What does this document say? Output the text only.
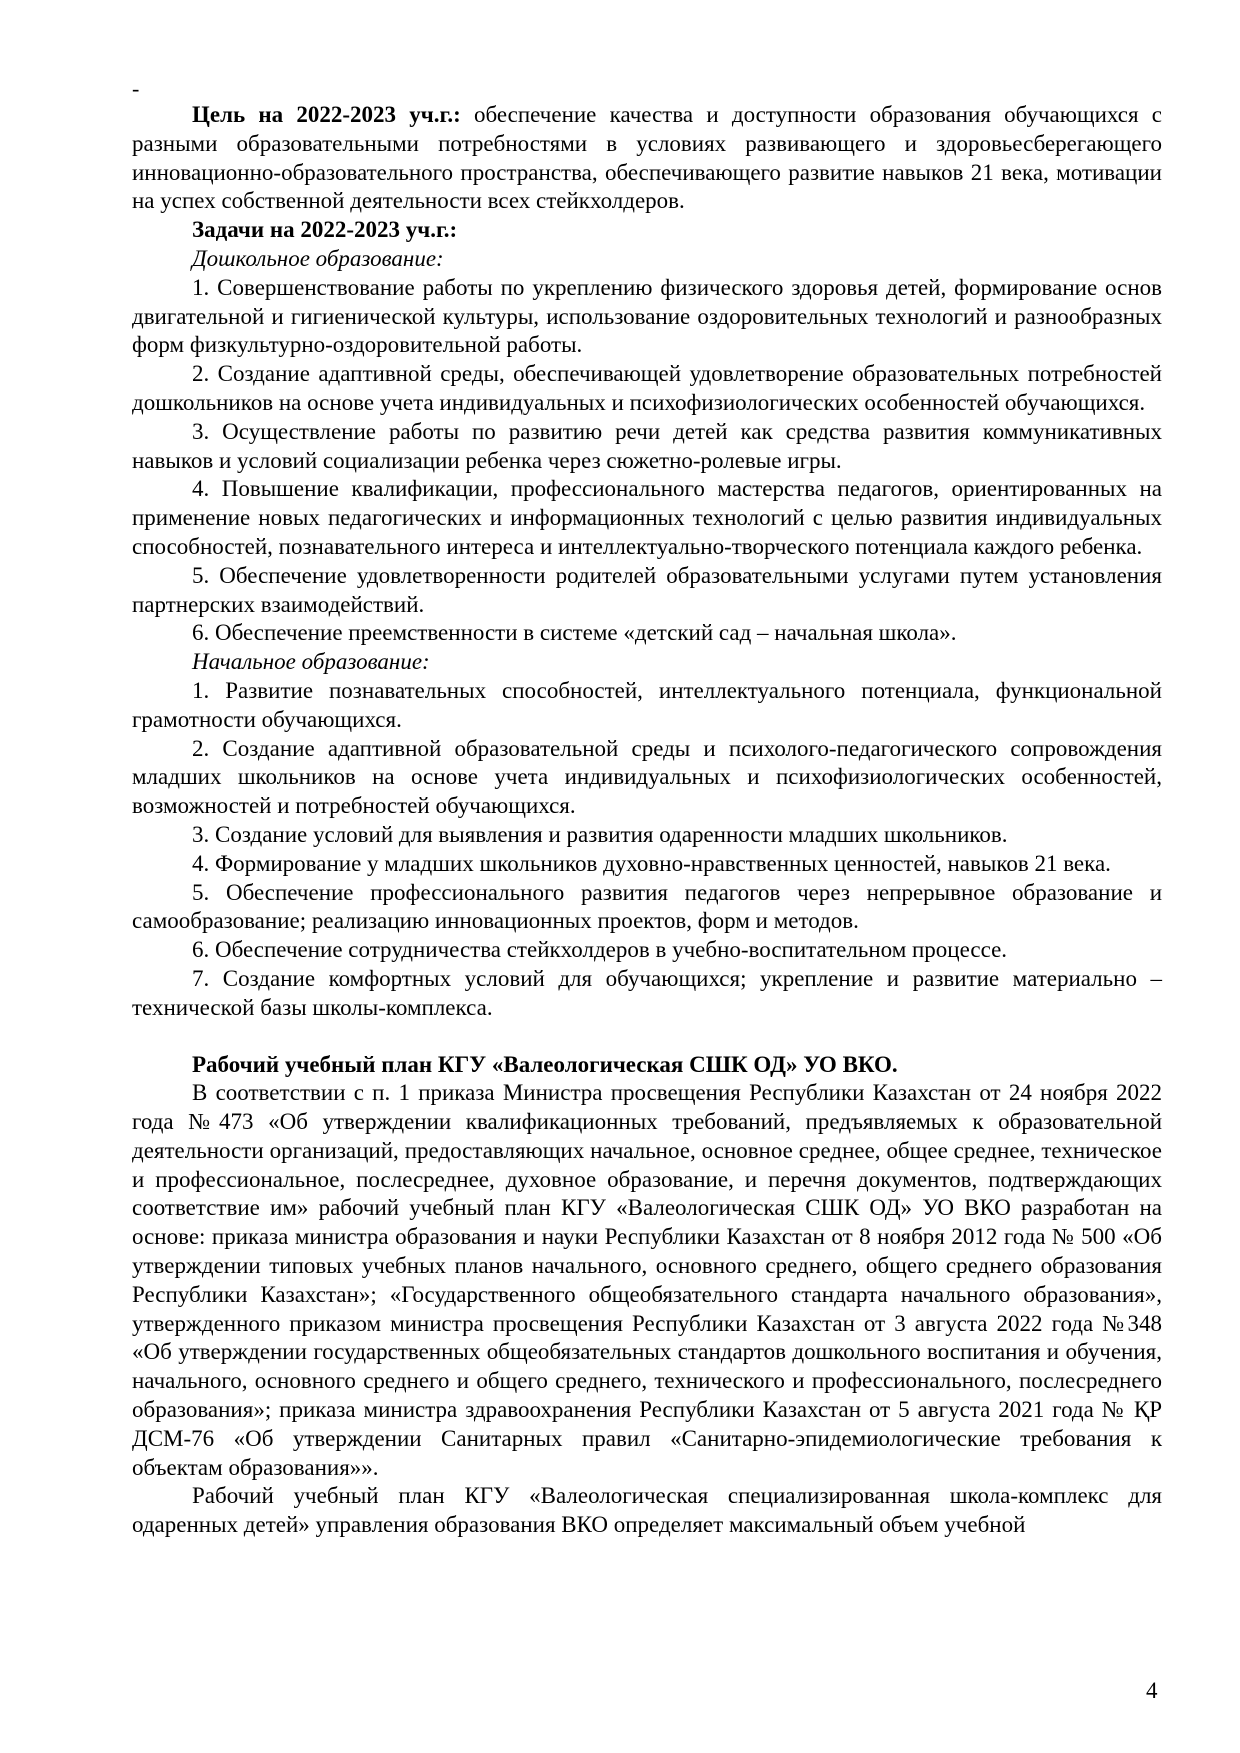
-

Цель на 2022-2023 уч.г.: обеспечение качества и доступности образования обучающихся с разными образовательными потребностями в условиях развивающего и здоровьесберегающего инновационно-образовательного пространства, обеспечивающего развитие навыков 21 века, мотивации на успех собственной деятельности всех стейкхолдеров.

Задачи на 2022-2023 уч.г.:

Дошкольное образование:

1. Совершенствование работы по укреплению физического здоровья детей, формирование основ двигательной и гигиенической культуры, использование оздоровительных технологий и разнообразных форм физкультурно-оздоровительной работы.

2. Создание адаптивной среды, обеспечивающей удовлетворение образовательных потребностей дошкольников на основе учета индивидуальных и психофизиологических особенностей обучающихся.

3. Осуществление работы по развитию речи детей как средства развития коммуникативных навыков и условий социализации ребенка через сюжетно-ролевые игры.

4. Повышение квалификации, профессионального мастерства педагогов, ориентированных на применение новых педагогических и информационных технологий с целью развития индивидуальных способностей, познавательного интереса и интеллектуально-творческого потенциала каждого ребенка.

5. Обеспечение удовлетворенности родителей образовательными услугами путем установления партнерских взаимодействий.

6. Обеспечение преемственности в системе «детский сад – начальная школа».

Начальное образование:

1. Развитие познавательных способностей, интеллектуального потенциала, функциональной грамотности обучающихся.

2. Создание адаптивной образовательной среды и психолого-педагогического сопровождения младших школьников на основе учета индивидуальных и психофизиологических особенностей, возможностей и потребностей обучающихся.

3. Создание условий для выявления и развития одаренности младших школьников.

4. Формирование у младших школьников духовно-нравственных ценностей, навыков 21 века.

5. Обеспечение профессионального развития педагогов через непрерывное образование и самообразование; реализацию инновационных проектов, форм и методов.

6. Обеспечение сотрудничества стейкхолдеров в учебно-воспитательном процессе.

7. Создание комфортных условий для обучающихся; укрепление и развитие материально – технической базы школы-комплекса.

Рабочий учебный план КГУ «Валеологическая СШК ОД» УО ВКО.

В соответствии с п. 1 приказа Министра просвещения Республики Казахстан от 24 ноября 2022 года №473 «Об утверждении квалификационных требований, предъявляемых к образовательной деятельности организаций, предоставляющих начальное, основное среднее, общее среднее, техническое и профессиональное, послесреднее, духовное образование, и перечня документов, подтверждающих соответствие им» рабочий учебный план КГУ «Валеологическая СШК ОД» УО ВКО разработан на основе: приказа министра образования и науки Республики Казахстан от 8 ноября 2012 года № 500 «Об утверждении типовых учебных планов начального, основного среднего, общего среднего образования Республики Казахстан»; «Государственного общеобязательного стандарта начального образования», утвержденного приказом министра просвещения Республики Казахстан от 3 августа 2022 года №348 «Об утверждении государственных общеобязательных стандартов дошкольного воспитания и обучения, начального, основного среднего и общего среднего, технического и профессионального, послесреднего образования»; приказа министра здравоохранения Республики Казахстан от 5 августа 2021 года № ҚР ДСМ-76 «Об утверждении Санитарных правил «Санитарно-эпидемиологические требования к объектам образования»».

Рабочий учебный план КГУ «Валеологическая специализированная школа-комплекс для одаренных детей» управления образования ВКО определяет максимальный объем учебной

4
